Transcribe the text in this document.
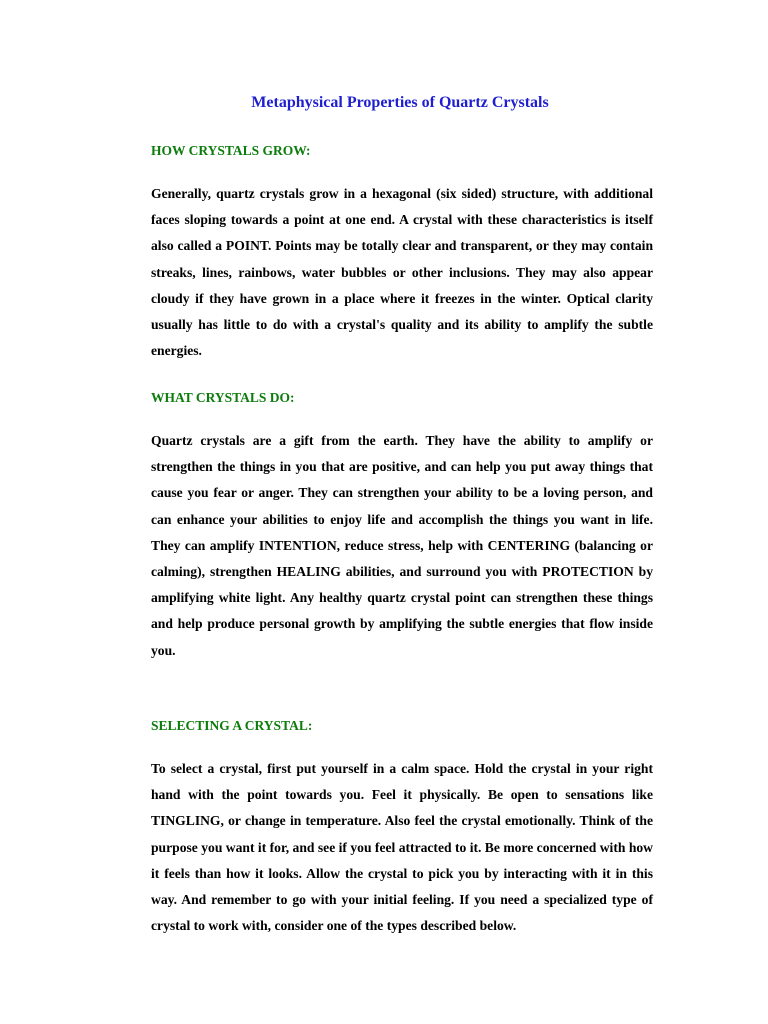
Metaphysical Properties of Quartz Crystals
HOW CRYSTALS GROW:

Generally, quartz crystals grow in a hexagonal (six sided) structure, with additional faces sloping towards a point at one end. A crystal with these characteristics is itself also called a POINT. Points may be totally clear and transparent, or they may contain streaks, lines, rainbows, water bubbles or other inclusions. They may also appear cloudy if they have grown in a place where it freezes in the winter. Optical clarity usually has little to do with a crystal's quality and its ability to amplify the subtle energies.

WHAT CRYSTALS DO:

Quartz crystals are a gift from the earth. They have the ability to amplify or strengthen the things in you that are positive, and can help you put away things that cause you fear or anger. They can strengthen your ability to be a loving person, and can enhance your abilities to enjoy life and accomplish the things you want in life. They can amplify INTENTION, reduce stress, help with CENTERING (balancing or calming), strengthen HEALING abilities, and surround you with PROTECTION by amplifying white light. Any healthy quartz crystal point can strengthen these things and help produce personal growth by amplifying the subtle energies that flow inside you.

SELECTING A CRYSTAL:

To select a crystal, first put yourself in a calm space. Hold the crystal in your right hand with the point towards you. Feel it physically. Be open to sensations like TINGLING, or change in temperature. Also feel the crystal emotionally. Think of the purpose you want it for, and see if you feel attracted to it. Be more concerned with how it feels than how it looks. Allow the crystal to pick you by interacting with it in this way. And remember to go with your initial feeling. If you need a specialized type of crystal to work with, consider one of the types described below.
